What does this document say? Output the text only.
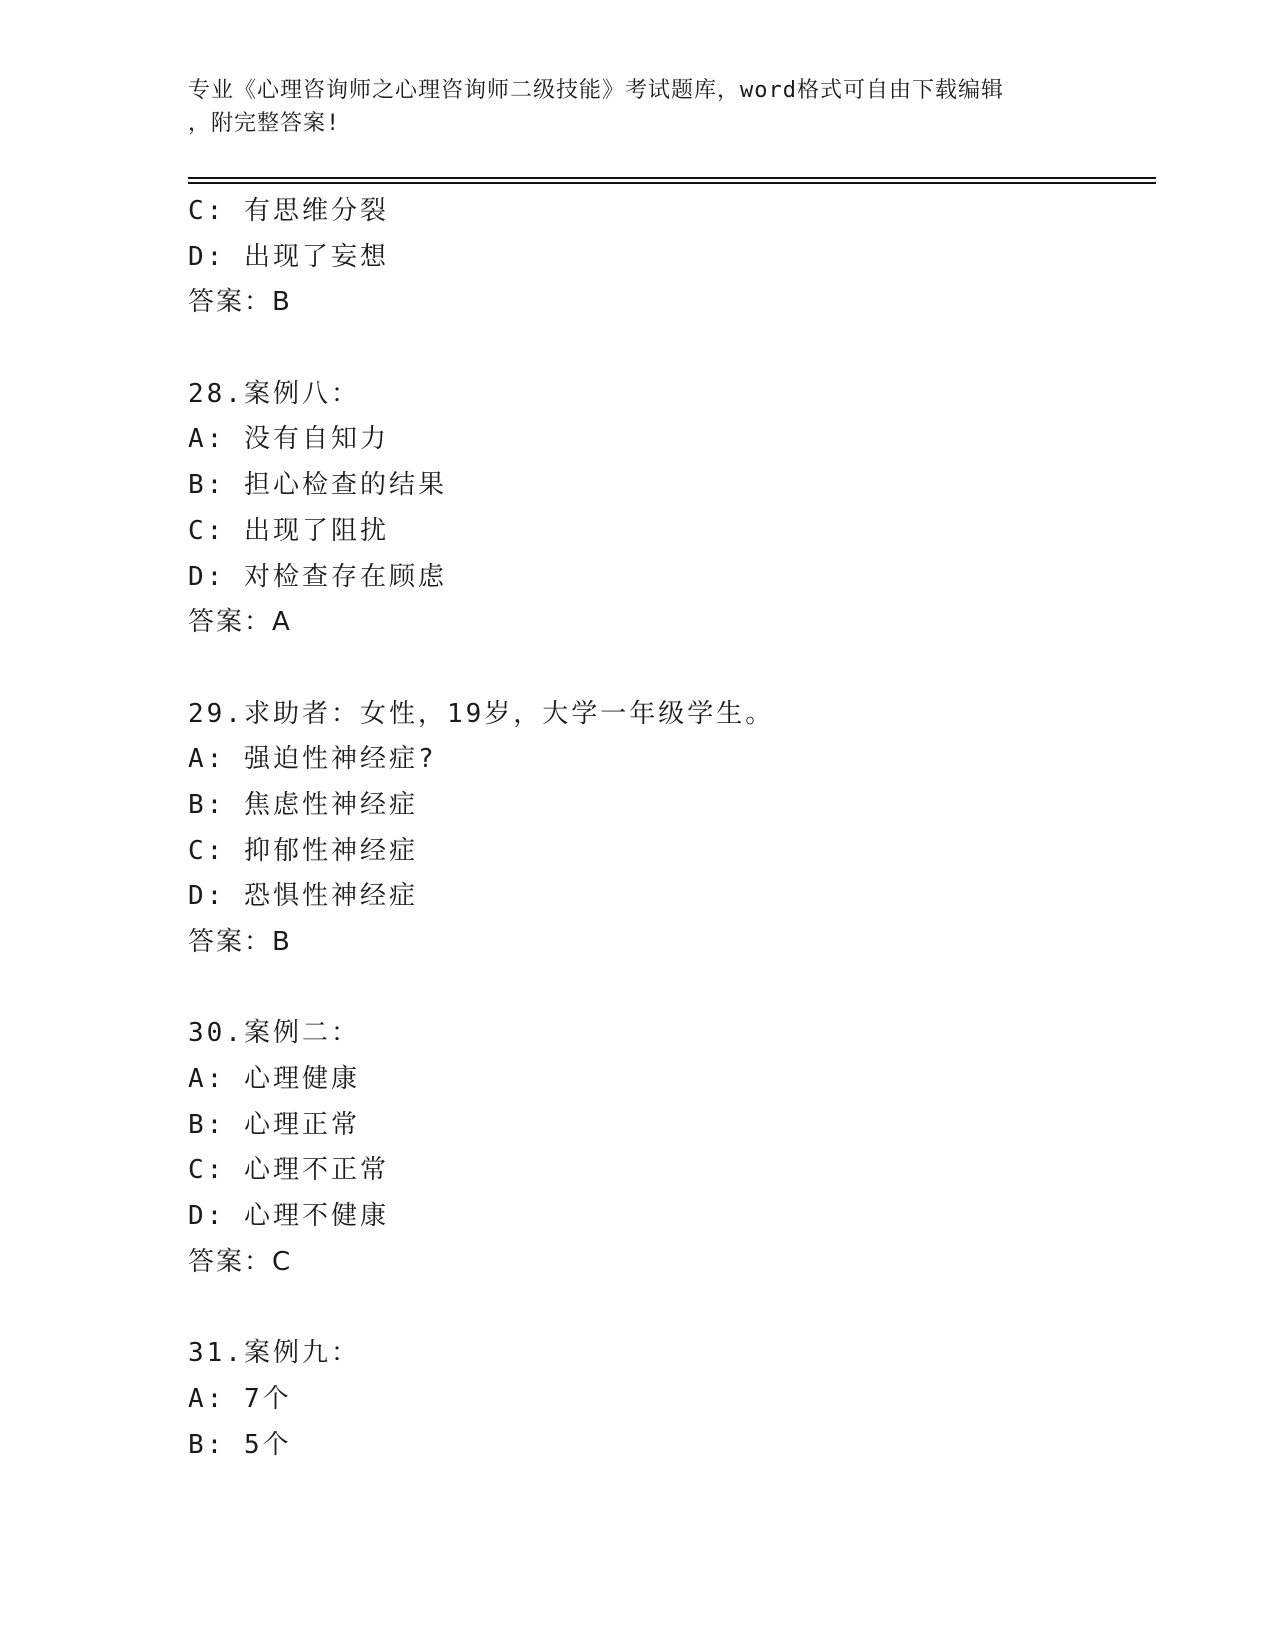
专业《心理咨询师之心理咨询师二级技能》考试题库，word格式可自由下载编辑
，附完整答案!
C: 有思维分裂
D: 出现了妄想
答案：B
28.案例八：
A: 没有自知力
B: 担心检查的结果
C: 出现了阻扰
D: 对检查存在顾虑
答案：A
29.求助者：女性，19岁，大学一年级学生。
A: 强迫性神经症?
B: 焦虑性神经症
C: 抑郁性神经症
D: 恐惧性神经症
答案：B
30.案例二：
A: 心理健康
B: 心理正常
C: 心理不正常
D: 心理不健康
答案：C
31.案例九：
A: 7个
B: 5个
